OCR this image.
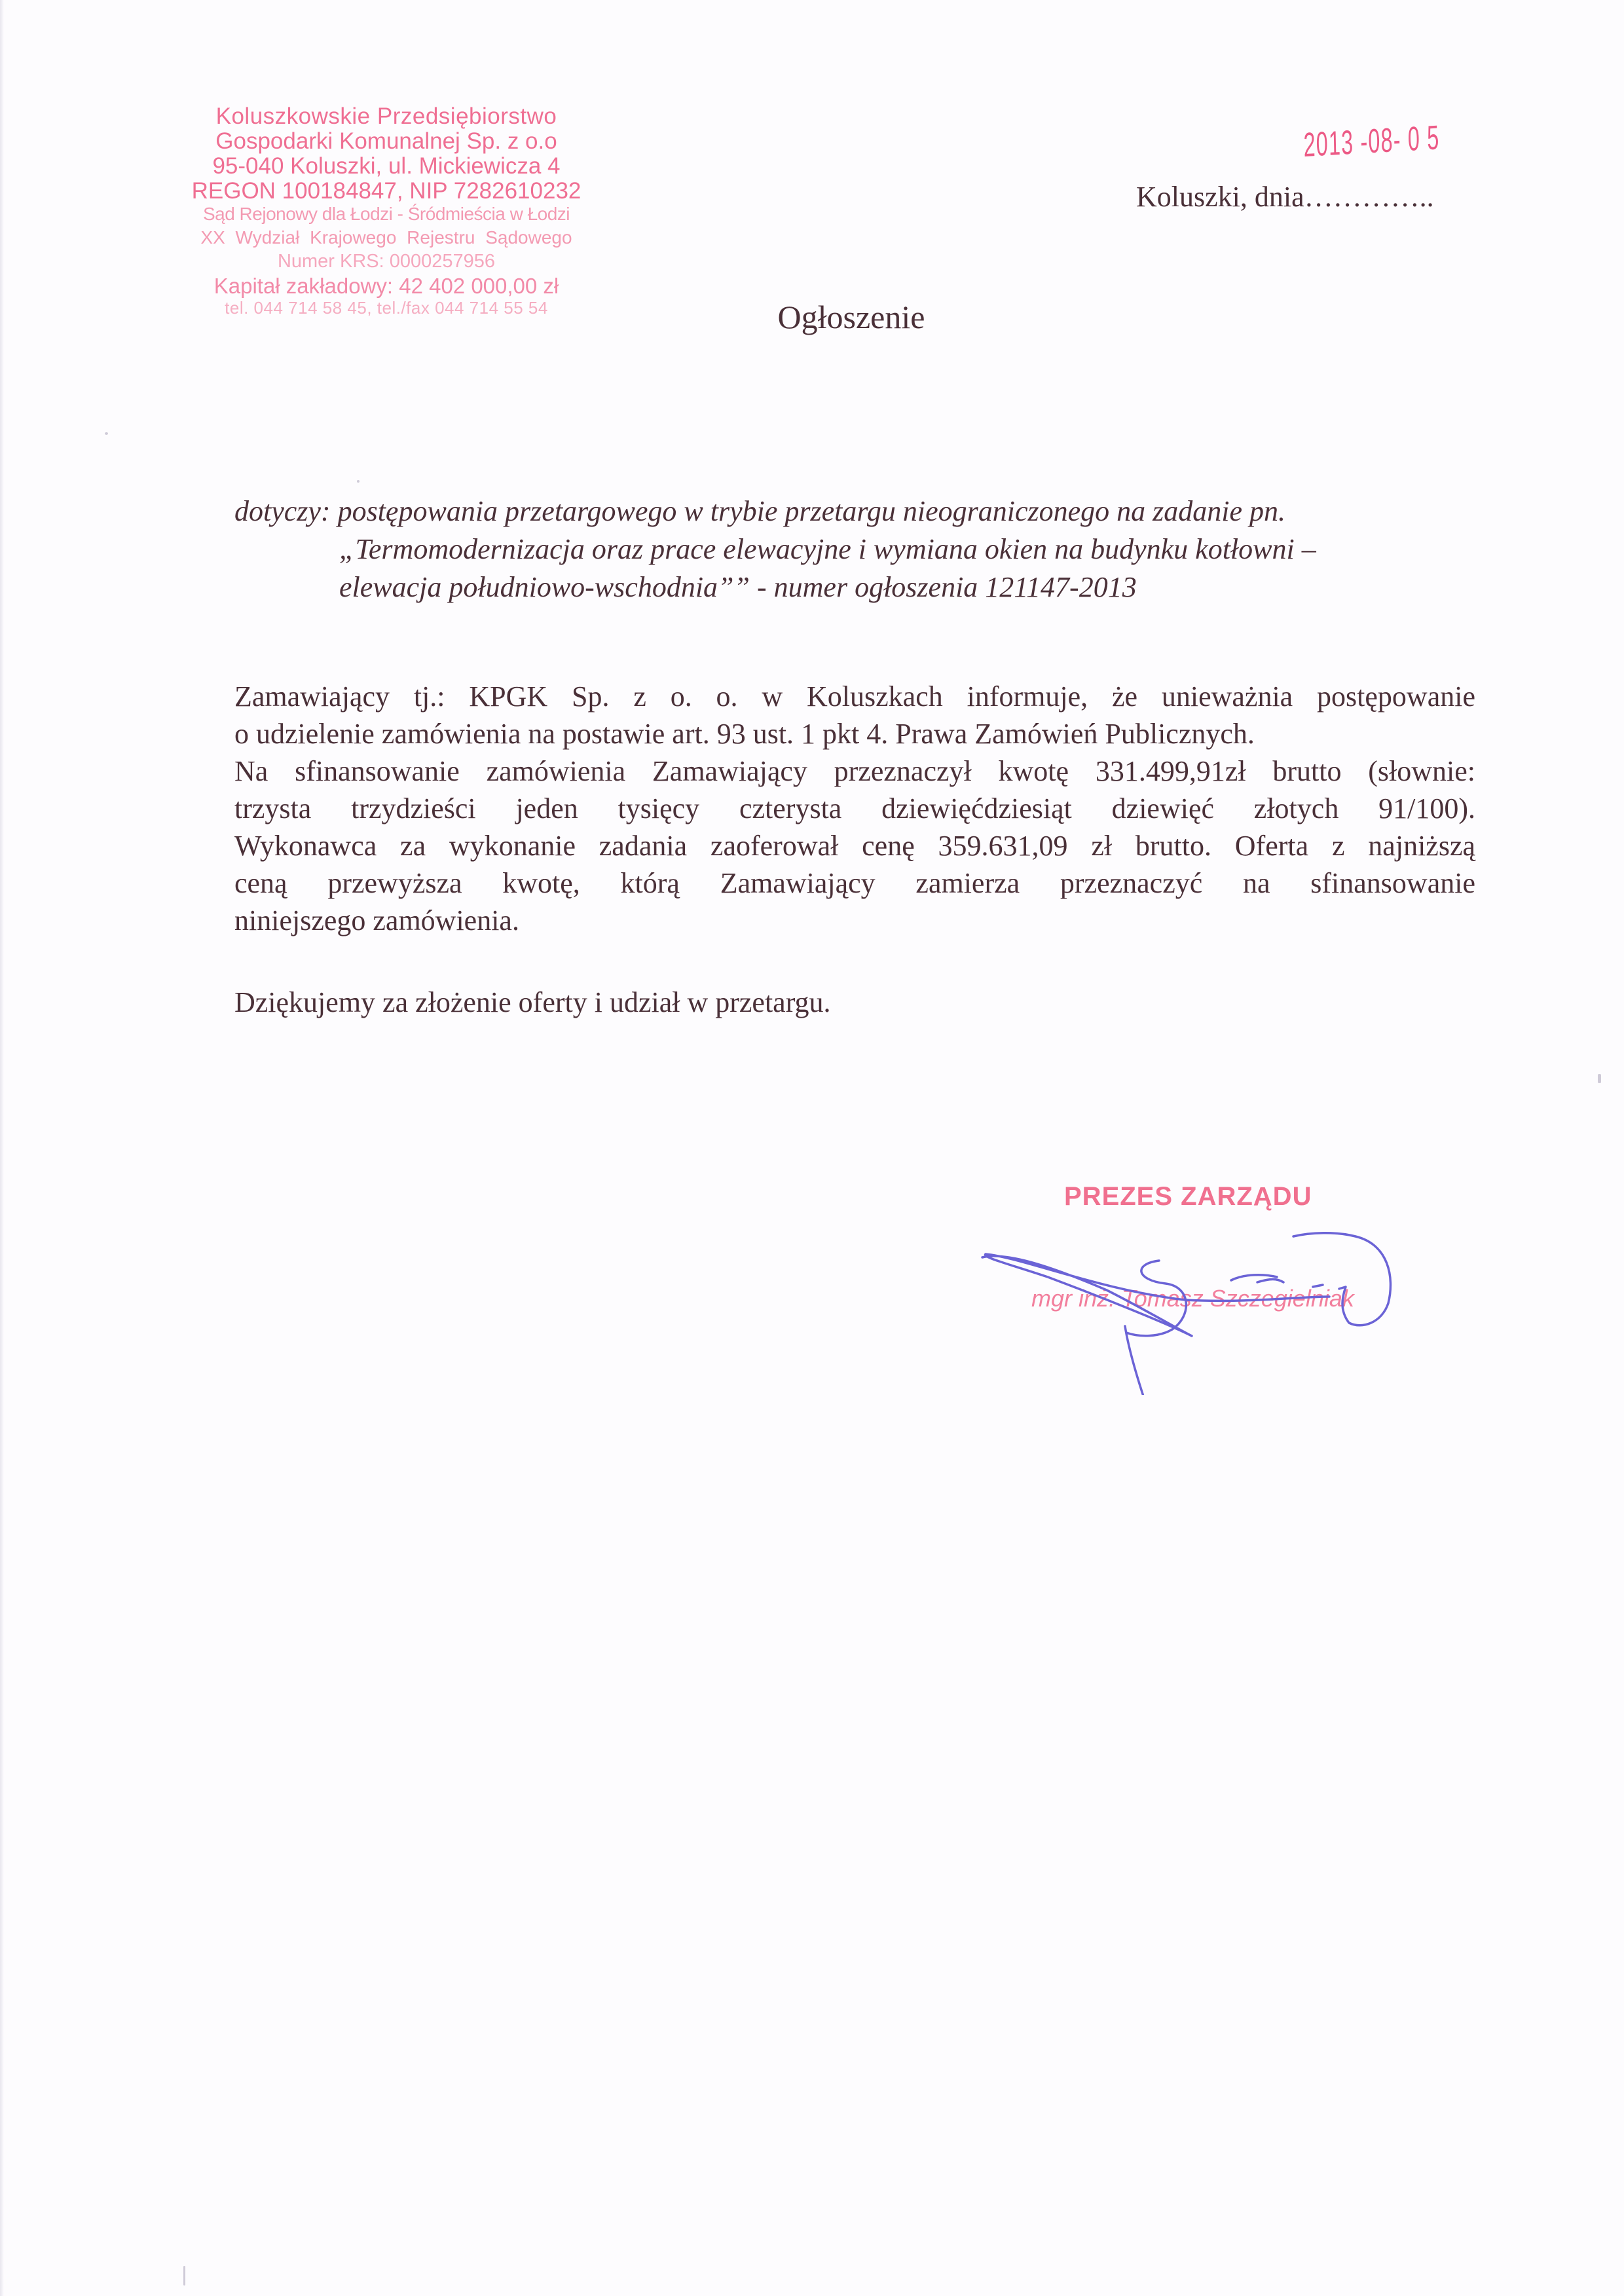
Koluszkowskie Przedsiębiorstwo
Gospodarki Komunalnej Sp. z o.o
95-040 Koluszki, ul. Mickiewicza 4
REGON 100184847, NIP 7282610232
Sąd Rejonowy dla Łodzi - Śródmieścia w Łodzi
XX Wydział Krajowego Rejestru Sądowego
Numer KRS: 0000257956
Kapitał zakładowy: 42 402 000,00 zł
tel. 044 714 58 45, tel./fax 044 714 55 54
2013 -08- 0 5
Koluszki, dnia…………..
Ogłoszenie
dotyczy: postępowania przetargowego w trybie przetargu nieograniczonego na zadanie pn.
„Termomodernizacja oraz prace elewacyjne i wymiana okien na budynku kotłowni –
elewacja południowo-wschodnia”” - numer ogłoszenia 121147-2013
Zamawiający tj.: KPGK Sp. z o. o. w Koluszkach informuje, że unieważnia postępowanie
o udzielenie zamówienia na postawie art. 93 ust. 1 pkt 4. Prawa Zamówień Publicznych.
Na sfinansowanie zamówienia Zamawiający przeznaczył kwotę 331.499,91zł brutto (słownie:
trzysta trzydzieści jeden tysięcy czterysta dziewięćdziesiąt dziewięć złotych 91/100).
Wykonawca za wykonanie zadania zaoferował cenę 359.631,09 zł brutto. Oferta z najniższą
ceną przewyższa kwotę, którą Zamawiający zamierza przeznaczyć na sfinansowanie
niniejszego zamówienia.
Dziękujemy za złożenie oferty i udział w przetargu.
PREZES ZARZĄDU
mgr inż. Tomasz Szczegielniak
